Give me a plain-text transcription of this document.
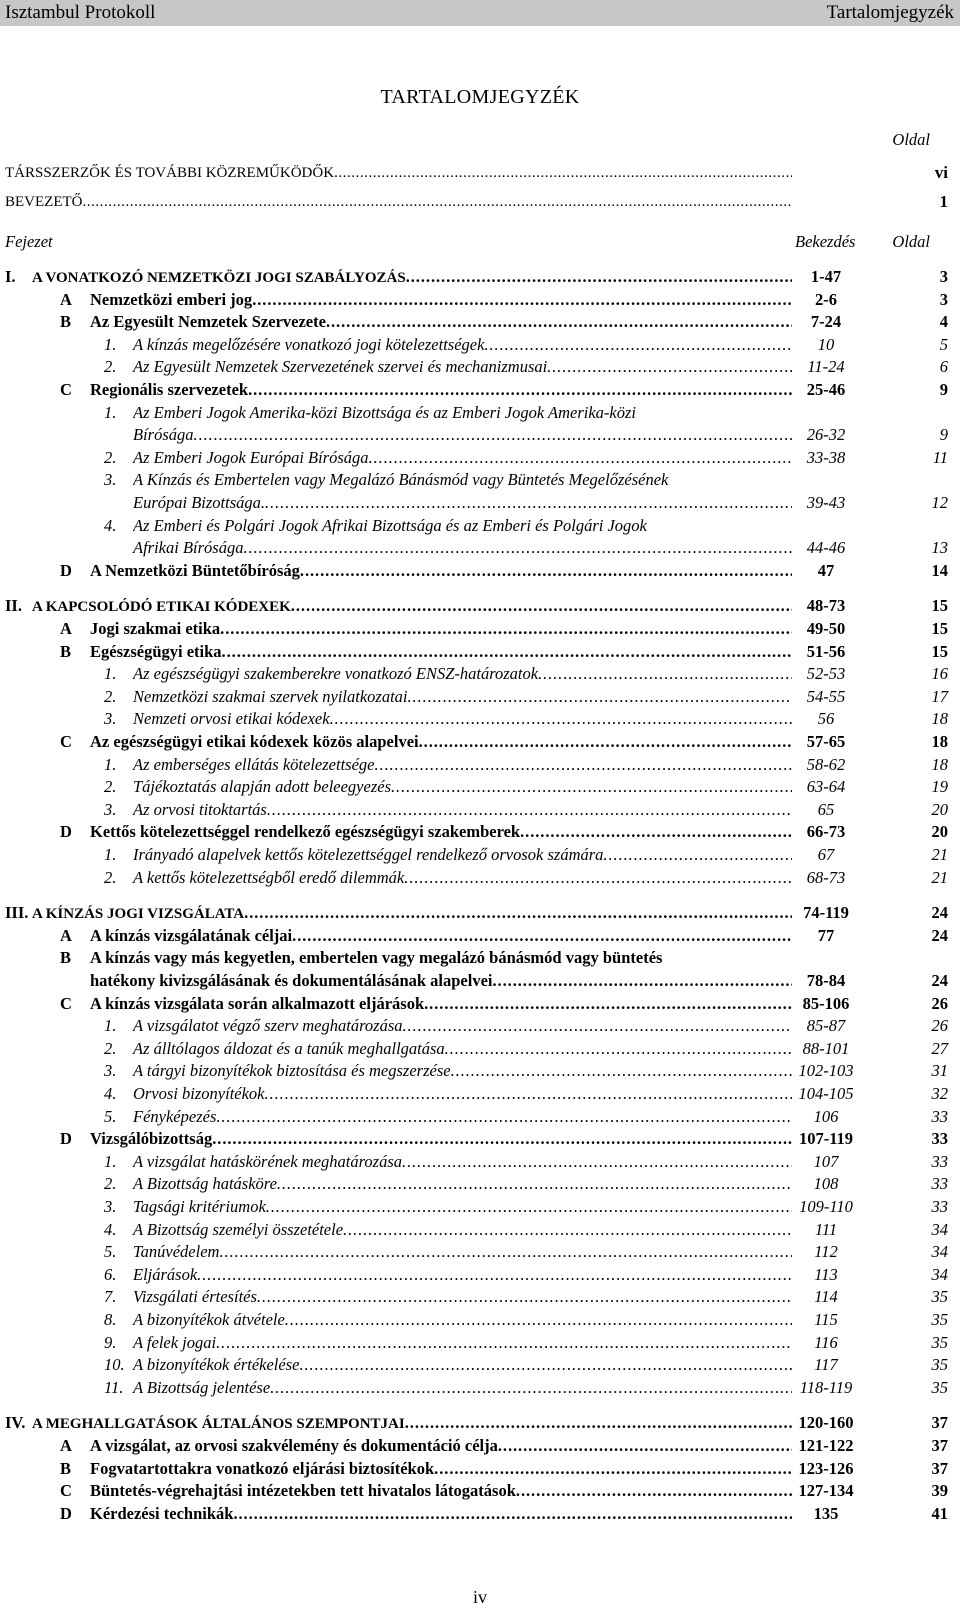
Isztambul Protokoll	Tartalomjegyzék
TARTALOMJEGYZÉK
Oldal
TÁRSSZERZŐK ÉS TOVÁBBI KÖZREMŰKÖDŐK . . .	vi
BEVEZETŐ . . .	1
Fejezet	Bekezdés Oldal
I. A VONATKOZÓ NEMZETKÖZI JOGI SZABÁLYOZÁS . . .	1-47	3
A Nemzetközi emberi jog . . .	2-6	3
B Az Egyesült Nemzetek Szervezete . . .	7-24	4
1. A kínzás megelőzésére vonatkozó jogi kötelezettségek . . .	10	5
2. Az Egyesült Nemzetek Szervezetének szervei és mechanizmusai . . .	11-24	6
C Regionális szervezetek . . .	25-46	9
1. Az Emberi Jogok Amerika-közi Bizottsága és az Emberi Jogok Amerika-közi
Bírósága . . .	26-32	9
2. Az Emberi Jogok Európai Bírósága . . .	33-38	11
3. A Kínzás és Embertelen vagy Megalázó Bánásmód vagy Büntetés Megelőzésének
Európai Bizottsága. . . .	39-43	12
4. Az Emberi és Polgári Jogok Afrikai Bizottsága és az Emberi és Polgári Jogok
Afrikai Bírósága . . .	44-46	13
D A Nemzetközi Büntetőbíróság . . .	47	14
II. A KAPCSOLÓDÓ ETIKAI KÓDEXEK . . .	48-73	15
A Jogi szakmai etika . . .	49-50	15
B Egészségügyi etika . . .	51-56	15
1. Az egészségügyi szakemberekre vonatkozó ENSZ-határozatok . . .	52-53	16
2. Nemzetközi szakmai szervek nyilatkozatai . . .	54-55	17
3. Nemzeti orvosi etikai kódexek . . .	56	18
C Az egészségügyi etikai kódexek közös alapelvei . . .	57-65	18
1. Az emberséges ellátás kötelezettsége . . .	58-62	18
2. Tájékoztatás alapján adott beleegyezés . . .	63-64	19
3. Az orvosi titoktartás . . .	65	20
D Kettős kötelezettséggel rendelkező egészségügyi szakemberek . . .	66-73	20
1. Irányadó alapelvek kettős kötelezettséggel rendelkező orvosok számára . . .	67	21
2. A kettős kötelezettségből eredő dilemmák . . .	68-73	21
III. A KÍNZÁS JOGI VIZSGÁLATA . . .	74-119	24
A A kínzás vizsgálatának céljai . . .	77	24
B A kínzás vagy más kegyetlen, embertelen vagy megalázó bánásmód vagy büntetés
hatékony kivizsgálásának és dokumentálásának alapelvei . . .	78-84	24
C A kínzás vizsgálata során alkalmazott eljárások . . .	85-106	26
1. A vizsgálatot végző szerv meghatározása . . .	85-87	26
2. Az álltólagos áldozat és a tanúk meghallgatása . . .	88-101	27
3. A tárgyi bizonyítékok biztosítása és megszerzése . . .	102-103	31
4. Orvosi bizonyítékok . . .	104-105	32
5. Fényképezés . . .	106	33
D Vizsgálóbizottság . . .	107-119	33
1. A vizsgálat hatáskörének meghatározása . . .	107	33
2. A Bizottság hatásköre . . .	108	33
3. Tagsági kritériumok . . .	109-110	33
4. A Bizottság személyi összetétele . . .	111	34
5. Tanúvédelem . . .	112	34
6. Eljárások . . .	113	34
7. Vizsgálati értesítés . . .	114	35
8. A bizonyítékok átvétele . . .	115	35
9. A felek jogai . . .	116	35
10. A bizonyítékok értékelése . . .	117	35
11. A Bizottság jelentése . . .	118-119	35
IV. A MEGHALLGATÁSOK ÁLTALÁNOS SZEMPONTJAI . . .	120-160	37
A A vizsgálat, az orvosi szakvélemény és dokumentáció célja . . .	121-122	37
B Fogvatartottakra vonatkozó eljárási biztosítékok . . .	123-126	37
C Büntetés-végrehajtási intézetekben tett hivatalos látogatások . . .	127-134	39
D Kérdezési technikák . . .	135	41
iv
